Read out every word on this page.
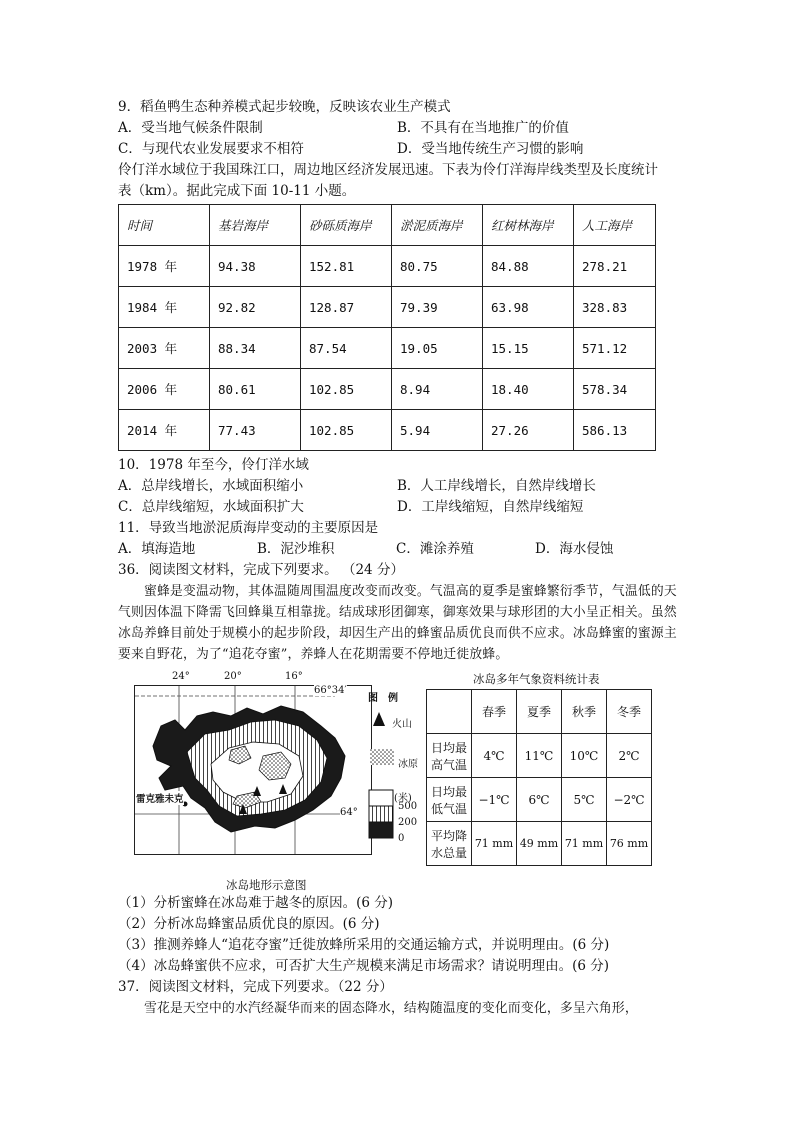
9．稻鱼鸭生态种养模式起步较晚，反映该农业生产模式
A．受当地气候条件限制	B．不具有在当地推广的价值
C．与现代农业发展要求不相符	D．受当地传统生产习惯的影响
伶仃洋水域位于我国珠江口，周边地区经济发展迅速。下表为伶仃洋海岸线类型及长度统计
表（km）。据此完成下面 10-11 小题。
时间	基岩海岸	砂砾质海岸	淤泥质海岸	红树林海岸	人工海岸
1978 年	94.38	152.81	80.75	84.88	278.21
1984 年	92.82	128.87	79.39	63.98	328.83
2003 年	88.34	87.54	19.05	15.15	571.12
2006 年	80.61	102.85	8.94	18.40	578.34
2014 年	77.43	102.85	5.94	27.26	586.13
10．1978 年至今，伶仃洋水域
A．总岸线增长，水域面积缩小	B．人工岸线增长，自然岸线增长
C．总岸线缩短，水域面积扩大	D．工岸线缩短，自然岸线缩短
11．导致当地淤泥质海岸变动的主要原因是
A．填海造地	B．泥沙堆积	C．滩涂养殖	D．海水侵蚀
36．阅读图文材料，完成下列要求。 （24 分）
蜜蜂是变温动物，其体温随周围温度改变而改变。气温高的夏季是蜜蜂繁衍季节，气温低的天气则因体温下降需飞回蜂巢互相靠拢。结成球形团御寒，御寒效果与球形团的大小呈正相关。虽然冰岛养蜂目前处于规模小的起步阶段，却因生产出的蜂蜜品质优良而供不应求。冰岛蜂蜜的蜜源主要来自野花，为了“追花夺蜜”，养蜂人在花期需要不停地迁徙放蜂。
24°	20°	16°
66°34′
64°
雷克雅未克
冰岛地形示意图
图　例
火山
冰原
(米)
500
200
0
冰岛多年气象资料统计表
	春季	夏季	秋季	冬季
日均最
高气温	4℃	11℃	10℃	2℃
日均最
低气温	−1℃	6℃	5℃	−2℃
平均降
水总量	71 mm	49 mm	71 mm	76 mm
（1）分析蜜蜂在冰岛难于越冬的原因。(6 分)
（2）分析冰岛蜂蜜品质优良的原因。(6 分)
（3）推测养蜂人“追花夺蜜”迁徙放蜂所采用的交通运输方式，并说明理由。(6 分)
（4）冰岛蜂蜜供不应求，可否扩大生产规模来满足市场需求？请说明理由。(6 分)
37．阅读图文材料，完成下列要求。（22 分）
雪花是天空中的水汽经凝华而来的固态降水，结构随温度的变化而变化，多呈六角形，
